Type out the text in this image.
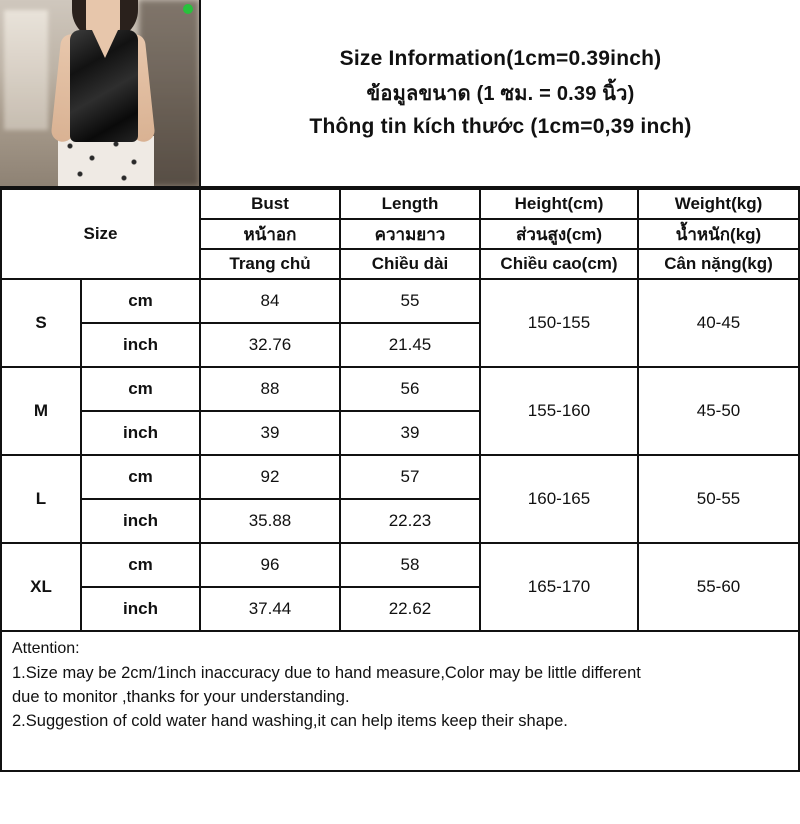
Size Information(1cm=0.39inch)
ข้อมูลขนาด (1 ซม. = 0.39 นิ้ว)
Thông tin kích thước (1cm=0,39 inch)
Size		Bust	Length	Height(cm)	Weight(kg)
		หน้าอก	ความยาว	ส่วนสูง(cm)	น้ำหนัก(kg)
		Trang chủ	Chiều dài	Chiều cao(cm)	Cân nặng(kg)
S	cm	84	55	150-155	40-45
	inch	32.76	21.45		
M	cm	88	56	155-160	45-50
	inch	39	39		
L	cm	92	57	160-165	50-55
	inch	35.88	22.23		
XL	cm	96	58	165-170	55-60
	inch	37.44	22.62		

Attention:

1.Size may be 2cm/1inch inaccuracy due to hand measure,Color may be little different

due to monitor ,thanks for your understanding.

2.Suggestion of cold water hand washing,it can help items keep their shape.
